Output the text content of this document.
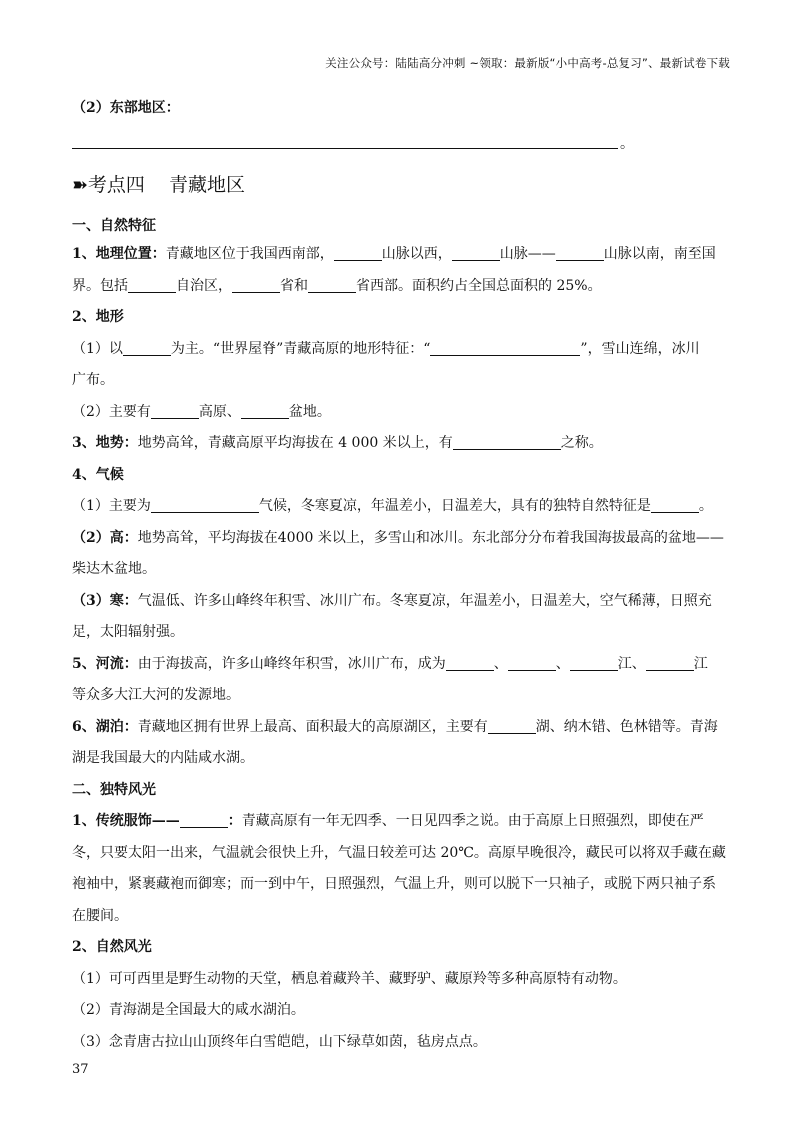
关注公众号：陆陆高分冲刺 ~领取：最新版“小中高考-总复习”、最新试卷下载
（2）东部地区：
。
➽考点四 青藏地区
一、自然特征
1、地理位置：青藏地区位于我国西南部，	山脉以西，	山脉——	山脉以南，南至国
界。包括	自治区，	省和	省西部。面积约占全国总面积的 25%。
2、地形
（1）以	为主。“世界屋脊”青藏高原的地形特征：“	”，雪山连绵，冰川
广布。
（2）主要有	高原、	盆地。
3、地势：地势高耸，青藏高原平均海拔在 4 000 米以上，有	之称。
4、气候
（1）主要为	气候，冬寒夏凉，年温差小，日温差大，具有的独特自然特征是	。
（2）高：地势高耸，平均海拔在4000 米以上，多雪山和冰川。东北部分分布着我国海拔最高的盆地——
柴达木盆地。
（3）寒：气温低、许多山峰终年积雪、冰川广布。冬寒夏凉，年温差小，日温差大，空气稀薄，日照充
足，太阳辐射强。
5、河流：由于海拔高，许多山峰终年积雪，冰川广布，成为	、	、	江、	江
等众多大江大河的发源地。
6、湖泊：青藏地区拥有世界上最高、面积最大的高原湖区，主要有	湖、纳木错、色林错等。青海
湖是我国最大的内陆咸水湖。
二、独特风光
1、传统服饰——	：青藏高原有一年无四季、一日见四季之说。由于高原上日照强烈，即使在严
冬，只要太阳一出来，气温就会很快上升，气温日较差可达 20℃。高原早晚很冷，藏民可以将双手藏在藏
袍袖中，紧裹藏袍而御寒；而一到中午，日照强烈，气温上升，则可以脱下一只袖子，或脱下两只袖子系
在腰间。
2、自然风光
（1）可可西里是野生动物的天堂，栖息着藏羚羊、藏野驴、藏原羚等多种高原特有动物。
（2）青海湖是全国最大的咸水湖泊。
（3）念青唐古拉山山顶终年白雪皑皑，山下绿草如茵，毡房点点。
37
